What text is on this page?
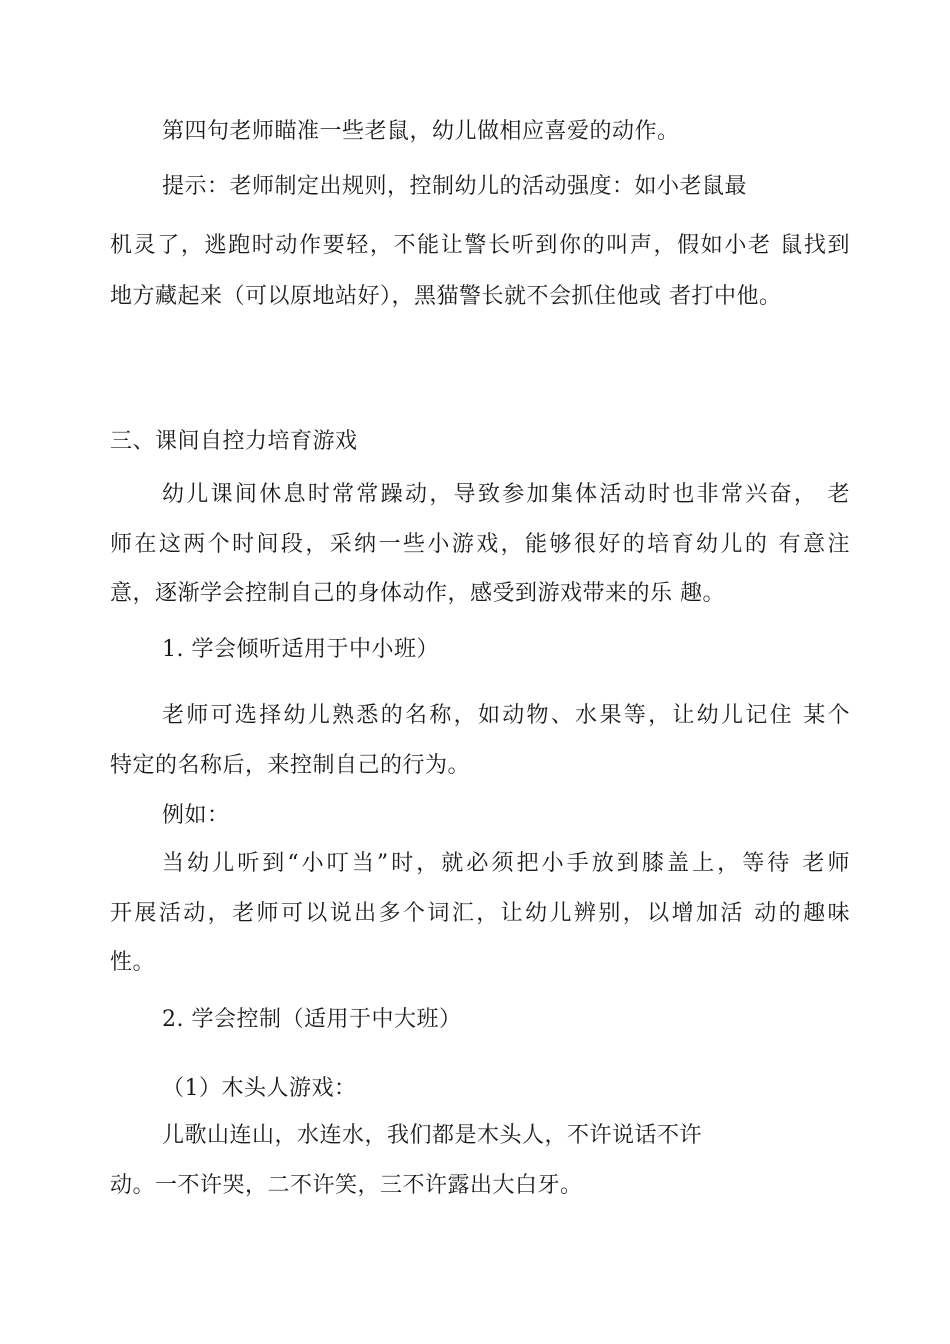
第四句老师瞄准一些老鼠，幼儿做相应喜爱的动作。
提示：老师制定出规则，控制幼儿的活动强度：如小老鼠最
机灵了，逃跑时动作要轻，不能让警长听到你的叫声，假如小老 鼠找到
地方藏起来（可以原地站好），黑猫警长就不会抓住他或 者打中他。
三、课间自控力培育游戏
幼儿课间休息时常常躁动，导致参加集体活动时也非常兴奋， 老
师在这两个时间段，采纳一些小游戏，能够很好的培育幼儿的 有意注
意，逐渐学会控制自己的身体动作，感受到游戏带来的乐 趣。
1. 学会倾听适用于中小班）
老师可选择幼儿熟悉的名称，如动物、水果等，让幼儿记住 某个
特定的名称后，来控制自己的行为。
例如：
当幼儿听到“小叮当”时，就必须把小手放到膝盖上，等待 老师
开展活动，老师可以说出多个词汇，让幼儿辨别，以增加活 动的趣味
性。
2. 学会控制（适用于中大班）
（1）木头人游戏：
儿歌山连山，水连水，我们都是木头人，不许说话不许
动。一不许哭，二不许笑，三不许露出大白牙。
